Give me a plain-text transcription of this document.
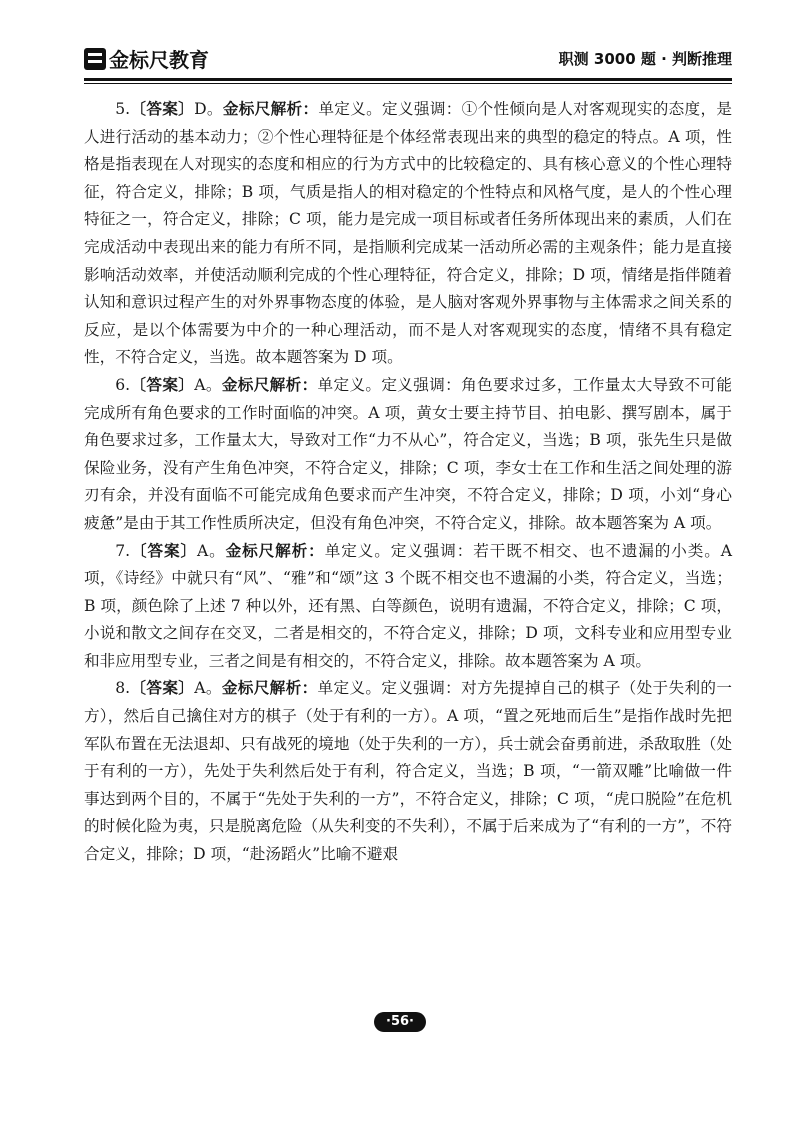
金标尺教育	职测 3000 题 · 判断推理

5.〔答案〕D。金标尺解析：单定义。定义强调：①个性倾向是人对客观现实的态度，是人进行活动的基本动力；②个性心理特征是个体经常表现出来的典型的稳定的特点。A 项，性格是指表现在人对现实的态度和相应的行为方式中的比较稳定的、具有核心意义的个性心理特征，符合定义，排除；B 项，气质是指人的相对稳定的个性特点和风格气度，是人的个性心理特征之一，符合定义，排除；C 项，能力是完成一项目标或者任务所体现出来的素质，人们在完成活动中表现出来的能力有所不同，是指顺利完成某一活动所必需的主观条件；能力是直接影响活动效率，并使活动顺利完成的个性心理特征，符合定义，排除；D 项，情绪是指伴随着认知和意识过程产生的对外界事物态度的体验，是人脑对客观外界事物与主体需求之间关系的反应，是以个体需要为中介的一种心理活动，而不是人对客观现实的态度，情绪不具有稳定性，不符合定义，当选。故本题答案为 D 项。

6.〔答案〕A。金标尺解析：单定义。定义强调：角色要求过多，工作量太大导致不可能完成所有角色要求的工作时面临的冲突。A 项，黄女士要主持节目、拍电影、撰写剧本，属于角色要求过多，工作量太大，导致对工作“力不从心”，符合定义，当选；B 项，张先生只是做保险业务，没有产生角色冲突，不符合定义，排除；C 项，李女士在工作和生活之间处理的游刃有余，并没有面临不可能完成角色要求而产生冲突，不符合定义，排除；D 项，小刘“身心疲惫”是由于其工作性质所决定，但没有角色冲突，不符合定义，排除。故本题答案为 A 项。

7.〔答案〕A。金标尺解析：单定义。定义强调：若干既不相交、也不遗漏的小类。A 项，《诗经》中就只有“风”、“雅”和“颂”这 3 个既不相交也不遗漏的小类，符合定义，当选；B 项，颜色除了上述 7 种以外，还有黑、白等颜色，说明有遗漏，不符合定义，排除；C 项，小说和散文之间存在交叉，二者是相交的，不符合定义，排除；D 项，文科专业和应用型专业和非应用型专业，三者之间是有相交的，不符合定义，排除。故本题答案为 A 项。

8.〔答案〕A。金标尺解析：单定义。定义强调：对方先提掉自己的棋子（处于失利的一方），然后自己擒住对方的棋子（处于有利的一方）。A 项，“置之死地而后生”是指作战时先把军队布置在无法退却、只有战死的境地（处于失利的一方），兵士就会奋勇前进，杀敌取胜（处于有利的一方），先处于失利然后处于有利，符合定义，当选；B 项，“一箭双雕”比喻做一件事达到两个目的，不属于“先处于失利的一方”，不符合定义，排除；C 项，“虎口脱险”在危机的时候化险为夷，只是脱离危险（从失利变的不失利），不属于后来成为了“有利的一方”，不符合定义，排除；D 项，“赴汤蹈火”比喻不避艰

·56·
